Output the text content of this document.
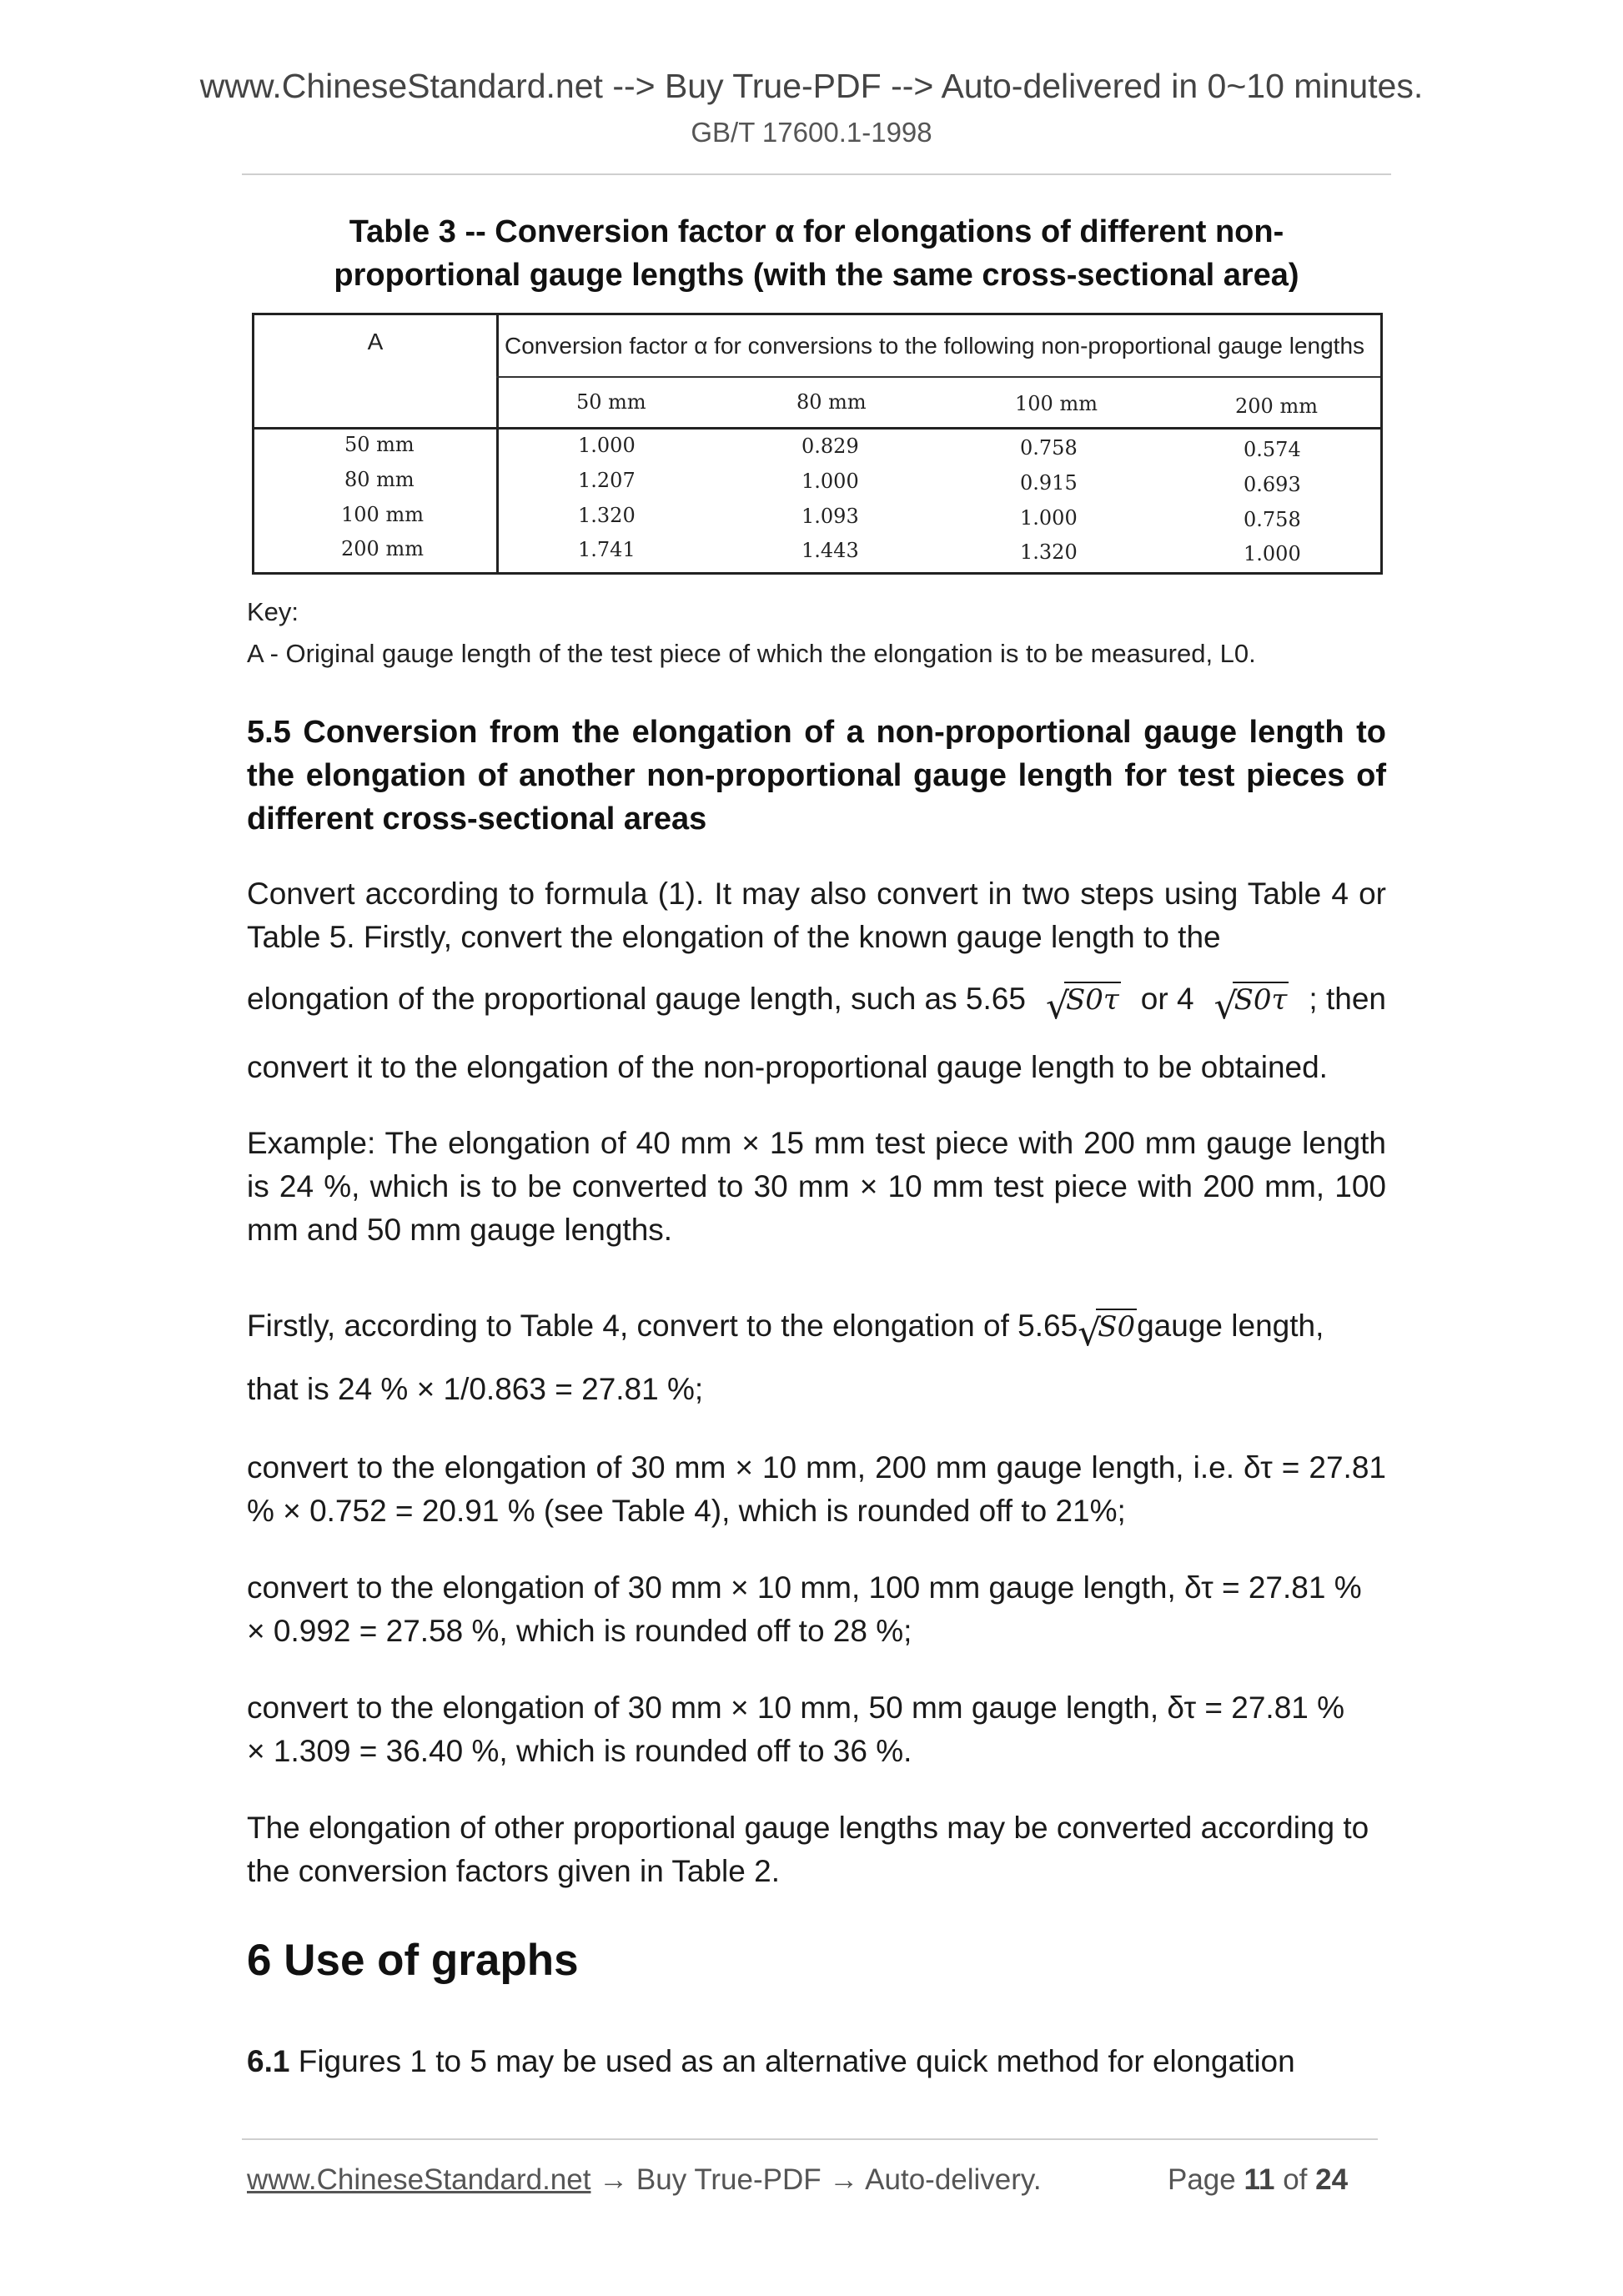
www.ChineseStandard.net --> Buy True-PDF --> Auto-delivered in 0~10 minutes.
GB/T 17600.1-1998
Table 3 -- Conversion factor α for elongations of different non-
proportional gauge lengths (with the same cross-sectional area)
A	Conversion factor α for conversions to the following non-proportional gauge lengths
50 mm	80 mm	100 mm	200 mm
50 mm	1.000	0.829	0.758	0.574
80 mm	1.207	1.000	0.915	0.693
100 mm	1.320	1.093	1.000	0.758
200 mm	1.741	1.443	1.320	1.000
Key:
A - Original gauge length of the test piece of which the elongation is to be measured, L0.
5.5 Conversion from the elongation of a non-proportional gauge length to the elongation of another non-proportional gauge length for test pieces of different cross-sectional areas
Convert according to formula (1). It may also convert in two steps using Table 4 or Table 5. Firstly, convert the elongation of the known gauge length to the
elongation of the proportional gauge length, such as 5.65 √
S0τ or 4 √
S0τ ; then
convert it to the elongation of the non-proportional gauge length to be obtained.
Example: The elongation of 40 mm × 15 mm test piece with 200 mm gauge length is 24 %, which is to be converted to 30 mm × 10 mm test piece with 200 mm, 100 mm and 50 mm gauge lengths.
Firstly, according to Table 4, convert to the elongation of 5.65 √
S0 gauge length,
that is 24 % × 1/0.863 = 27.81 %;
convert to the elongation of 30 mm × 10 mm, 200 mm gauge length, i.e. δτ = 27.81 % × 0.752 = 20.91 % (see Table 4), which is rounded off to 21%;
convert to the elongation of 30 mm × 10 mm, 100 mm gauge length, δτ = 27.81 %
× 0.992 = 27.58 %, which is rounded off to 28 %;
convert to the elongation of 30 mm × 10 mm, 50 mm gauge length, δτ = 27.81 %
× 1.309 = 36.40 %, which is rounded off to 36 %.
The elongation of other proportional gauge lengths may be converted according to the conversion factors given in Table 2.
6 Use of graphs
6.1 Figures 1 to 5 may be used as an alternative quick method for elongation
www.ChineseStandard.net → Buy True-PDF → Auto-delivery.	Page 11 of 24
